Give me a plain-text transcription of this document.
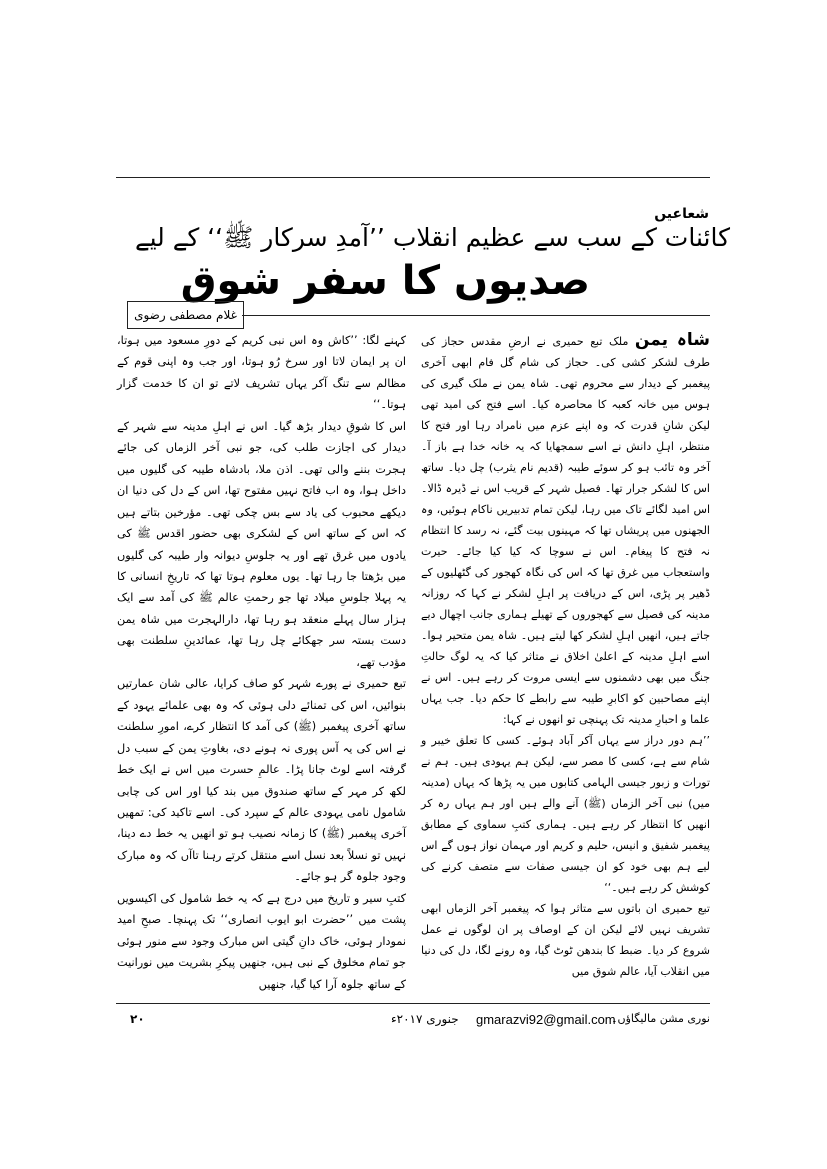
شعاعیں
کائنات کے سب سے عظیم انقلاب ’’آمدِ سرکار ﷺ‘‘ کے لیے
صدیوں کا سفر شوق
غلام مصطفی رضوی

شاہ یمن ملک تبع حمیری نے ارضِ مقدس حجاز کی طرف لشکر کشی کی۔ حجاز کی شام گل فام ابھی آخری پیغمبر کے دیدار سے محروم تھی۔ شاہ یمن نے ملک گیری کی ہوس میں خانہ کعبہ کا محاصرہ کیا۔ اسے فتح کی امید تھی لیکن شانِ قدرت کہ وہ اپنے عزم میں نامراد رہا اور فتح کا منتظر، اہلِ دانش نے اسے سمجھایا کہ یہ خانہ خدا ہے باز آ۔ آخر وہ تائب ہو کر سوئے طیبہ (قدیم نام یثرب) چل دیا۔ ساتھ اس کا لشکر جرار تھا۔ فصیل شہر کے قریب اس نے ڈیرہ ڈالا۔ اس امید لگائے تاک میں رہا، لیکن تمام تدبیریں ناکام ہوئیں، وہ الجھنوں میں پریشاں تھا کہ مہینوں بیت گئے، نہ رسد کا انتظام نہ فتح کا پیغام۔ اس نے سوچا کہ کیا کیا جائے۔ حیرت واستعجاب میں غرق تھا کہ اس کی نگاہ کھجور کی گٹھلیوں کے ڈھیر پر پڑی، اس کے دریافت پر اہلِ لشکر نے کہا کہ روزانہ مدینہ کی فصیل سے کھجوروں کے تھیلے ہماری جانب اچھال دیے جاتے ہیں، انھیں اہلِ لشکر کھا لیتے ہیں۔ شاہ یمن متحیر ہوا۔ اسے اہلِ مدینہ کے اعلیٰ اخلاق نے متاثر کیا کہ یہ لوگ حالتِ جنگ میں بھی دشمنوں سے ایسی مروت کر رہے ہیں۔ اس نے اپنے مصاحبین کو اکابرِ طیبہ سے رابطے کا حکم دیا۔ جب یہاں علما و احبارِ مدینہ تک پہنچی تو انھوں نے کہا:

’’ہم دور دراز سے یہاں آکر آباد ہوئے۔ کسی کا تعلق خیبر و شام سے ہے، کسی کا مصر سے، لیکن ہم یہودی ہیں۔ ہم نے تورات و زبور جیسی الہامی کتابوں میں یہ پڑھا کہ یہاں (مدینہ میں) نبی آخر الزماں (ﷺ) آنے والے ہیں اور ہم یہاں رہ کر انھیں کا انتظار کر رہے ہیں۔ ہماری کتبِ سماوی کے مطابق پیغمبر شفیق و انیس، حلیم و کریم اور مہمان نواز ہوں گے اس لیے ہم بھی خود کو ان جیسی صفات سے متصف کرنے کی کوشش کر رہے ہیں۔‘‘

تبع حمیری ان باتوں سے متاثر ہوا کہ پیغمبر آخر الزماں ابھی تشریف نہیں لائے لیکن ان کے اوصاف پر ان لوگوں نے عمل شروع کر دیا۔ ضبط کا بندھن ٹوٹ گیا، وہ رونے لگا، دل کی دنیا میں انقلاب آیا، عالم شوق میں

کہنے لگا: ’’کاش وہ اس نبی کریم کے دورِ مسعود میں ہوتا، ان پر ایمان لاتا اور سرخ رُو ہوتا، اور جب وہ اپنی قوم کے مظالم سے تنگ آکر یہاں تشریف لاتے تو ان کا خدمت گزار ہوتا۔‘‘

اس کا شوقِ دیدار بڑھ گیا۔ اس نے اہلِ مدینہ سے شہر کے دیدار کی اجازت طلب کی، جو نبی آخر الزماں کی جائے ہجرت بننے والی تھی۔ اذن ملا، بادشاہ طیبہ کی گلیوں میں داخل ہوا، وہ اب فاتح نہیں مفتوح تھا، اس کے دل کی دنیا ان دیکھے محبوب کی یاد سے بس چکی تھی۔ مؤرخین بتاتے ہیں کہ اس کے ساتھ اس کے لشکری بھی حضور اقدس ﷺ کی یادوں میں غرق تھے اور یہ جلوسِ دیوانہ وار طیبہ کی گلیوں میں بڑھتا جا رہا تھا۔ یوں معلوم ہوتا تھا کہ تاریخِ انسانی کا یہ پہلا جلوسِ میلاد تھا جو رحمتِ عالم ﷺ کی آمد سے ایک ہزار سال پہلے منعقد ہو رہا تھا، دارالہجرت میں شاہ یمن دست بستہ سر جھکائے چل رہا تھا، عمائدینِ سلطنت بھی مؤدب تھے،

تبع حمیری نے پورے شہر کو صاف کرایا، عالی شان عمارتیں بنوائیں، اس کی تمنائے دلی ہوئی کہ وہ بھی علمائے یہود کے ساتھ آخری پیغمبر (ﷺ) کی آمد کا انتظار کرے، امورِ سلطنت نے اس کی یہ آس پوری نہ ہونے دی، بغاوتِ یمن کے سبب دل گرفتہ اسے لوٹ جانا پڑا۔ عالمِ حسرت میں اس نے ایک خط لکھ کر مہر کے ساتھ صندوق میں بند کیا اور اس کی چابی شامول نامی یہودی عالم کے سپرد کی۔ اسے تاکید کی: تمھیں آخری پیغمبر (ﷺ) کا زمانہ نصیب ہو تو انھیں یہ خط دے دینا، نہیں تو نسلاً بعد نسل اسے منتقل کرتے رہنا تاآں کہ وہ مبارک وجود جلوہ گر ہو جائے۔

کتبِ سیر و تاریخ میں درج ہے کہ یہ خط شامول کی اکیسویں پشت میں ’’حضرت ابو ایوب انصاری‘‘ تک پہنچا۔ صبحِ امید نمودار ہوئی، خاک دانِ گیتی اس مبارک وجود سے منور ہوئی جو تمام مخلوق کے نبی ہیں، جنھیں پیکرِ بشریت میں نورانیت کے ساتھ جلوہ آرا کیا گیا، جنھیں

۲۰	جنوری ۲۰۱۷ء gmarazvi92@gmail.com
نوری مشن مالیگاؤں۔
